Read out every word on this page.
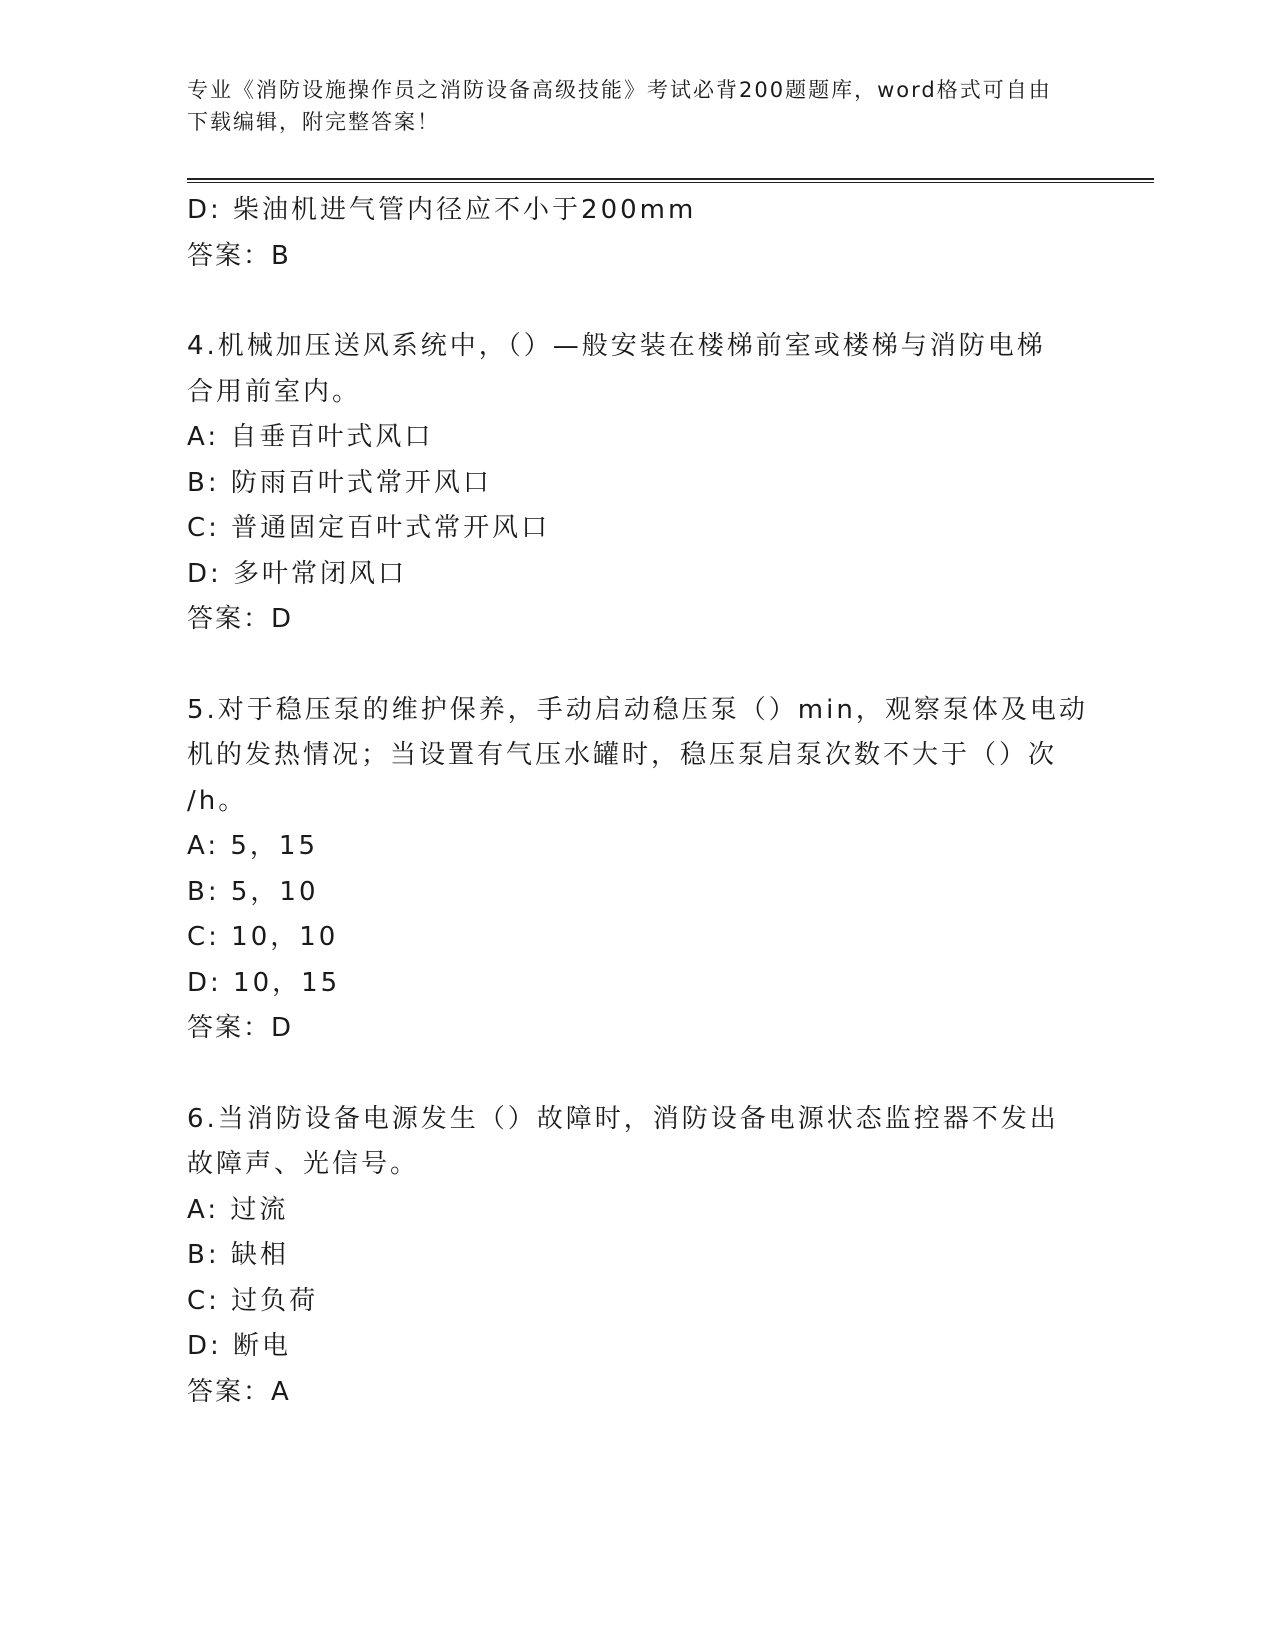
专业《消防设施操作员之消防设备高级技能》考试必背200题题库，word格式可自由下载编辑，附完整答案！
D: 柴油机进气管内径应不小于200mm
答案：B
4.机械加压送风系统中，（）—般安装在楼梯前室或楼梯与消防电梯
合用前室内。
A: 自垂百叶式风口
B: 防雨百叶式常开风口
C: 普通固定百叶式常开风口
D: 多叶常闭风口
答案：D
5.对于稳压泵的维护保养，手动启动稳压泵（）min，观察泵体及电动
机的发热情况；当设置有气压水罐时，稳压泵启泵次数不大于（）次
/h。
A: 5，15
B: 5，10
C: 10，10
D: 10，15
答案：D
6.当消防设备电源发生（）故障时，消防设备电源状态监控器不发出
故障声、光信号。
A: 过流
B: 缺相
C: 过负荷
D: 断电
答案：A
